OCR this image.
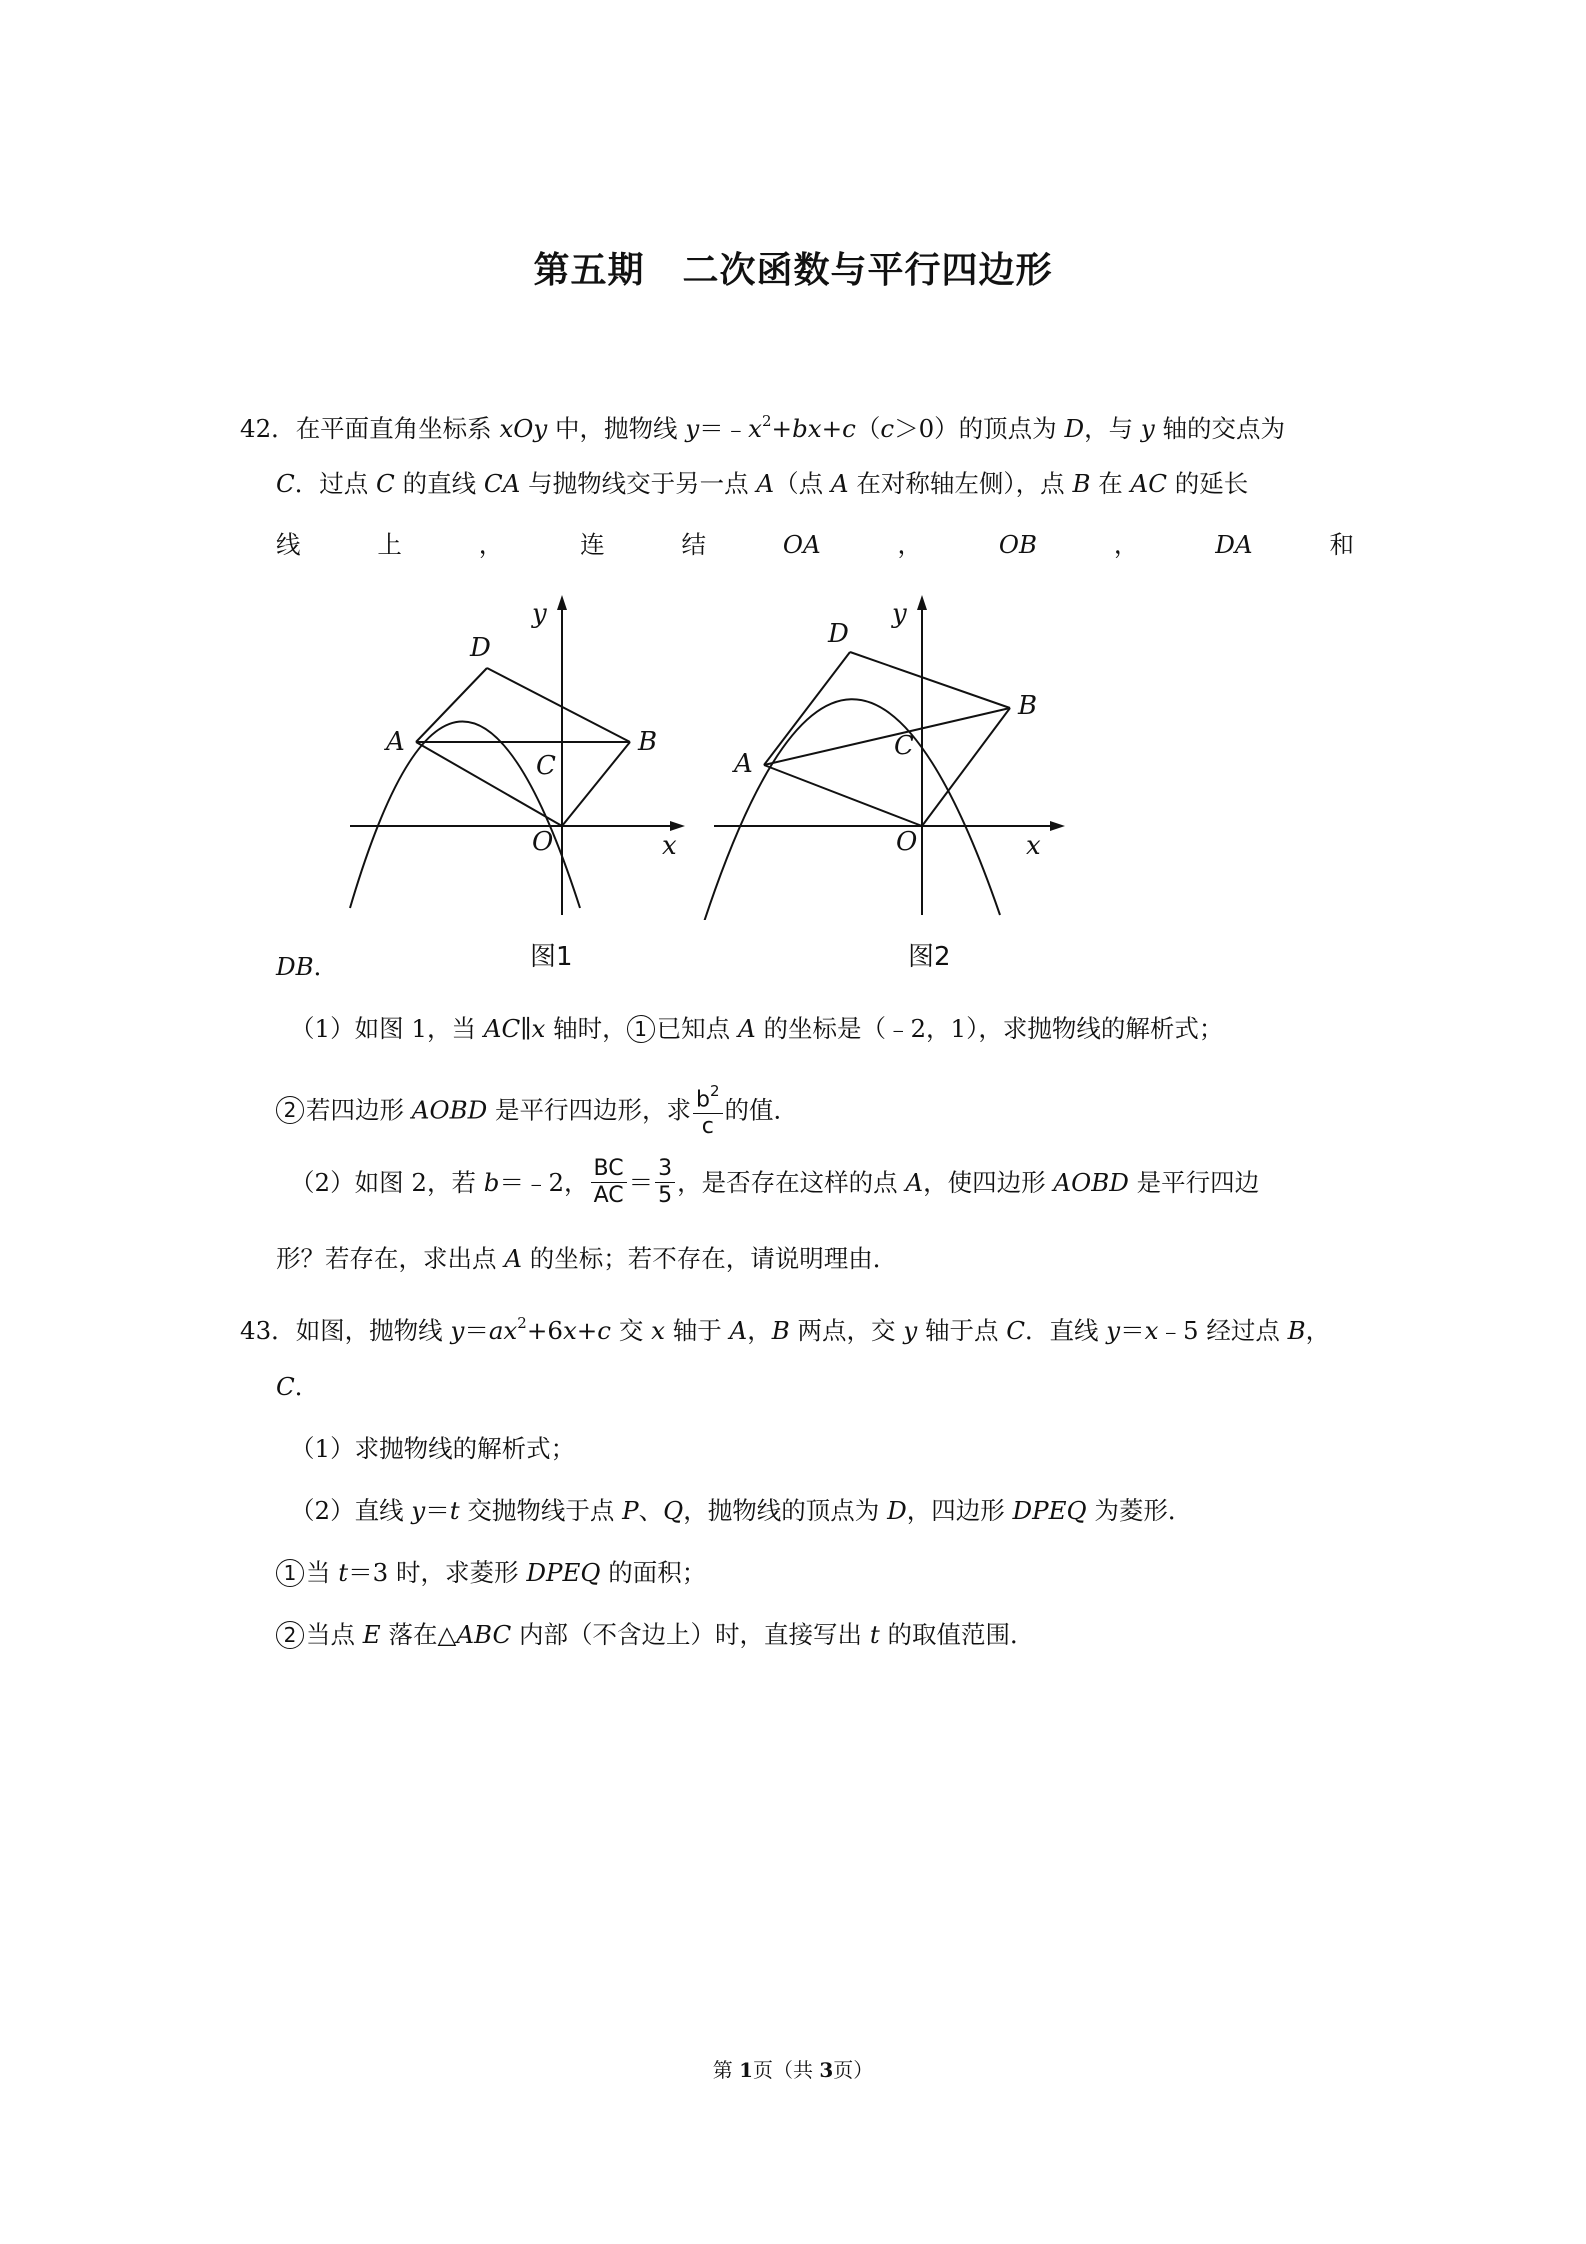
第五期 二次函数与平行四边形
42．在平面直角坐标系 xOy 中，抛物线 $y=﹣x^2+bx+c(c>0)$的顶点为 D，与 y 轴的交点为
C．过点 C 的直线 CA 与抛物线交于另一点 A（点 A 在对称轴左侧），点 B 在 AC 的延长
线	上	，	连	结	OA	，	OB	，	DA	和
y
x
O
A	B
C
D
图1
y
x
O
A
B
C
D
图2
DB．
（1）如图 1，当 AC∥x 轴时， 1 已知点 A 的坐标是（﹣2，1），求抛物线的解析式；
2 若四边形 AOBD 是平行四边形，求 $\frac{b^2}{c}$ 的值．
（2）如图 2，若 b＝﹣2， $\frac{BC}{AC} = \frac{3}{5}$ ，是否存在这样的点 A，使四边形 AOBD 是平行四边
形？若存在，求出点 A 的坐标；若不存在，请说明理由．
43．如图，抛物线 $y=ax^2+6x+c$ 交 x 轴于 A，B 两点，交 y 轴于点 C．直线 y＝x﹣5 经过点 B，
C．
（1）求抛物线的解析式；
（2）直线 y＝t 交抛物线于点 P、Q，抛物线的顶点为 D，四边形 DPEQ 为菱形．
1 当 t＝3 时，求菱形 DPEQ 的面积；
2 当点 E 落在△ABC 内部（不含边上）时，直接写出 t 的取值范围．
第 1页（共 3页）
